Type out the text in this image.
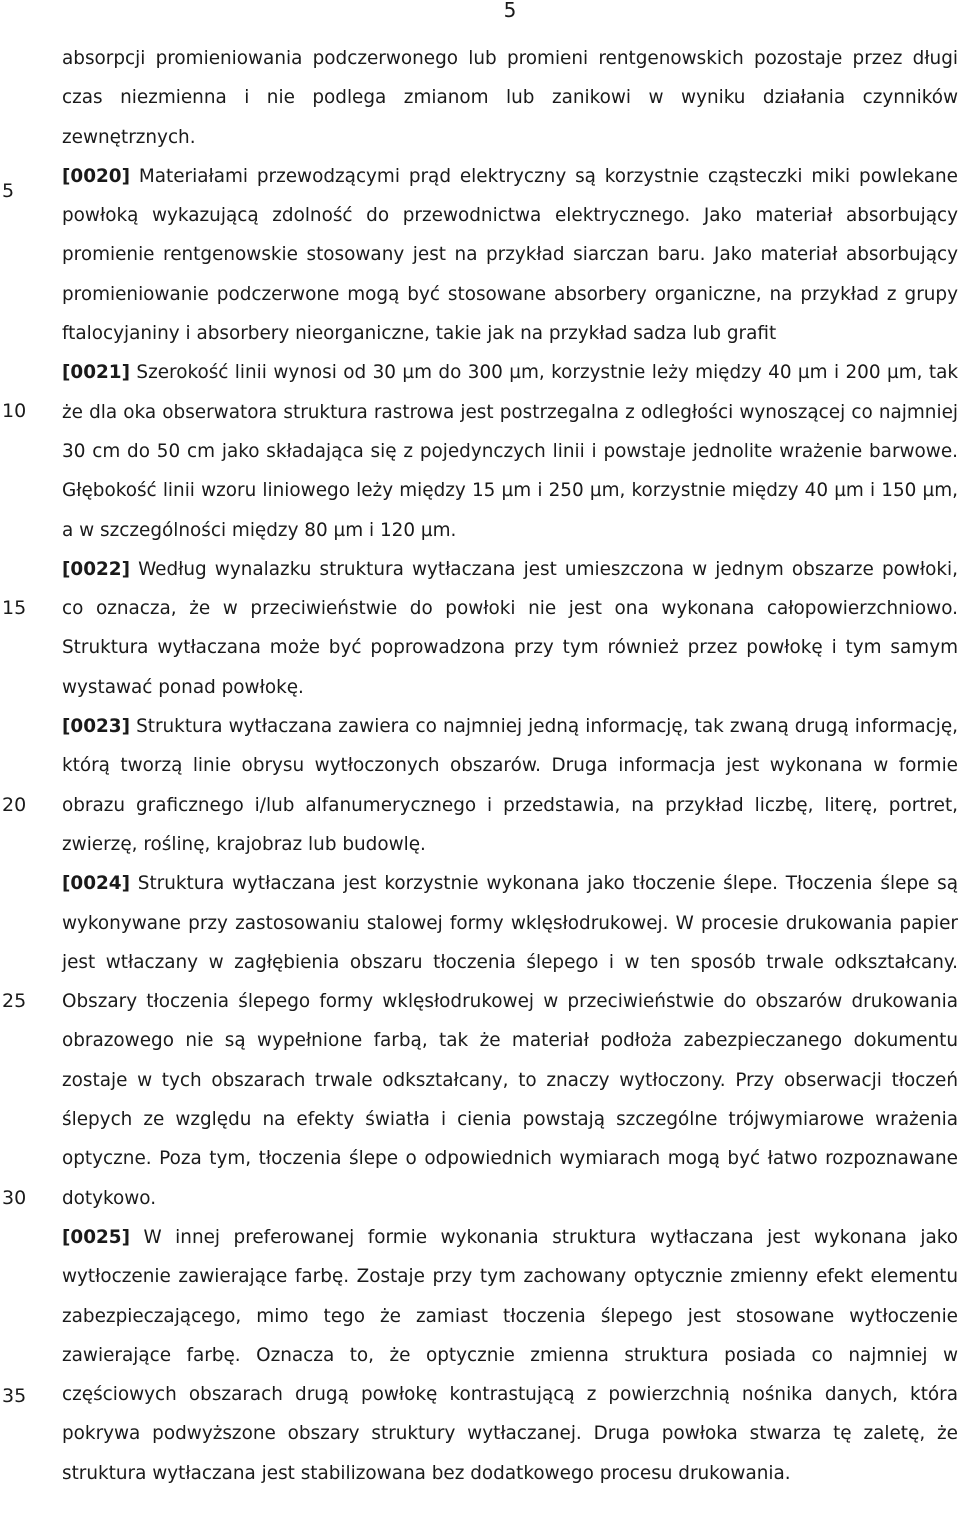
5
5
10
15
20
25
30
35

absorpcji promieniowania podczerwonego lub promieni rentgenowskich pozostaje przez długi czas niezmienna i nie podlega zmianom lub zanikowi w wyniku działania czynników zewnętrznych.

[0020] Materiałami przewodzącymi prąd elektryczny są korzystnie cząsteczki miki powlekane powłoką wykazującą zdolność do przewodnictwa elektrycznego. Jako materiał absorbujący promienie rentgenowskie stosowany jest na przykład siarczan baru. Jako materiał absorbujący promieniowanie podczerwone mogą być stosowane absorbery organiczne, na przykład z grupy ftalocyjaniny i absorbery nieorganiczne, takie jak na przykład sadza lub grafit

[0021] Szerokość linii wynosi od 30 µm do 300 µm, korzystnie leży między 40 µm i 200 µm, tak że dla oka obserwatora struktura rastrowa jest postrzegalna z odległości wynoszącej co najmniej 30 cm do 50 cm jako składająca się z pojedynczych linii i powstaje jednolite wrażenie barwowe. Głębokość linii wzoru liniowego leży między 15 µm i 250 µm, korzystnie między 40 µm i 150 µm, a w szczególności między 80 µm i 120 µm.

[0022] Według wynalazku struktura wytłaczana jest umieszczona w jednym obszarze powłoki, co oznacza, że w przeciwieństwie do powłoki nie jest ona wykonana całopowierzchniowo. Struktura wytłaczana może być poprowadzona przy tym również przez powłokę i tym samym wystawać ponad powłokę.

[0023] Struktura wytłaczana zawiera co najmniej jedną informację, tak zwaną drugą informację, którą tworzą linie obrysu wytłoczonych obszarów. Druga informacja jest wykonana w formie obrazu graficznego i/lub alfanumerycznego i przedstawia, na przykład liczbę, literę, portret, zwierzę, roślinę, krajobraz lub budowlę.

[0024] Struktura wytłaczana jest korzystnie wykonana jako tłoczenie ślepe. Tłoczenia ślepe są wykonywane przy zastosowaniu stalowej formy wklęsłodrukowej. W procesie drukowania papier jest wtłaczany w zagłębienia obszaru tłoczenia ślepego i w ten sposób trwale odkształcany. Obszary tłoczenia ślepego formy wklęsłodrukowej w przeciwieństwie do obszarów drukowania obrazowego nie są wypełnione farbą, tak że materiał podłoża zabezpieczanego dokumentu zostaje w tych obszarach trwale odkształcany, to znaczy wytłoczony. Przy obserwacji tłoczeń ślepych ze względu na efekty światła i cienia powstają szczególne trójwymiarowe wrażenia optyczne. Poza tym, tłoczenia ślepe o odpowiednich wymiarach mogą być łatwo rozpoznawane dotykowo.

[0025] W innej preferowanej formie wykonania struktura wytłaczana jest wykonana jako wytłoczenie zawierające farbę. Zostaje przy tym zachowany optycznie zmienny efekt elementu zabezpieczającego, mimo tego że zamiast tłoczenia ślepego jest stosowane wytłoczenie zawierające farbę. Oznacza to, że optycznie zmienna struktura posiada co najmniej w częściowych obszarach drugą powłokę kontrastującą z powierzchnią nośnika danych, która pokrywa podwyższone obszary struktury wytłaczanej. Druga powłoka stwarza tę zaletę, że struktura wytłaczana jest stabilizowana bez dodatkowego procesu drukowania.
